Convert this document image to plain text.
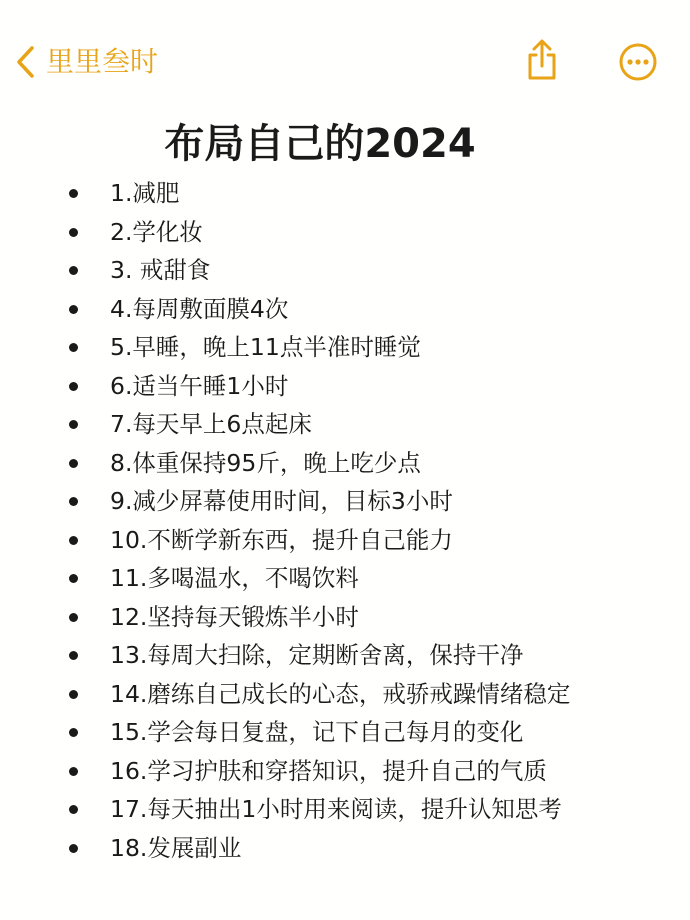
里里叁时
布局自己的2024
1.减肥
2.学化妆
3. 戒甜食
4.每周敷面膜4次
5.早睡，晚上11点半准时睡觉
6.适当午睡1小时
7.每天早上6点起床
8.体重保持95斤，晚上吃少点
9.减少屏幕使用时间，目标3小时
10.不断学新东西，提升自己能力
11.多喝温水，不喝饮料
12.坚持每天锻炼半小时
13.每周大扫除，定期断舍离，保持干净
14.磨练自己成长的心态，戒骄戒躁情绪稳定
15.学会每日复盘，记下自己每月的变化
16.学习护肤和穿搭知识，提升自己的气质
17.每天抽出1小时用来阅读，提升认知思考
18.发展副业
